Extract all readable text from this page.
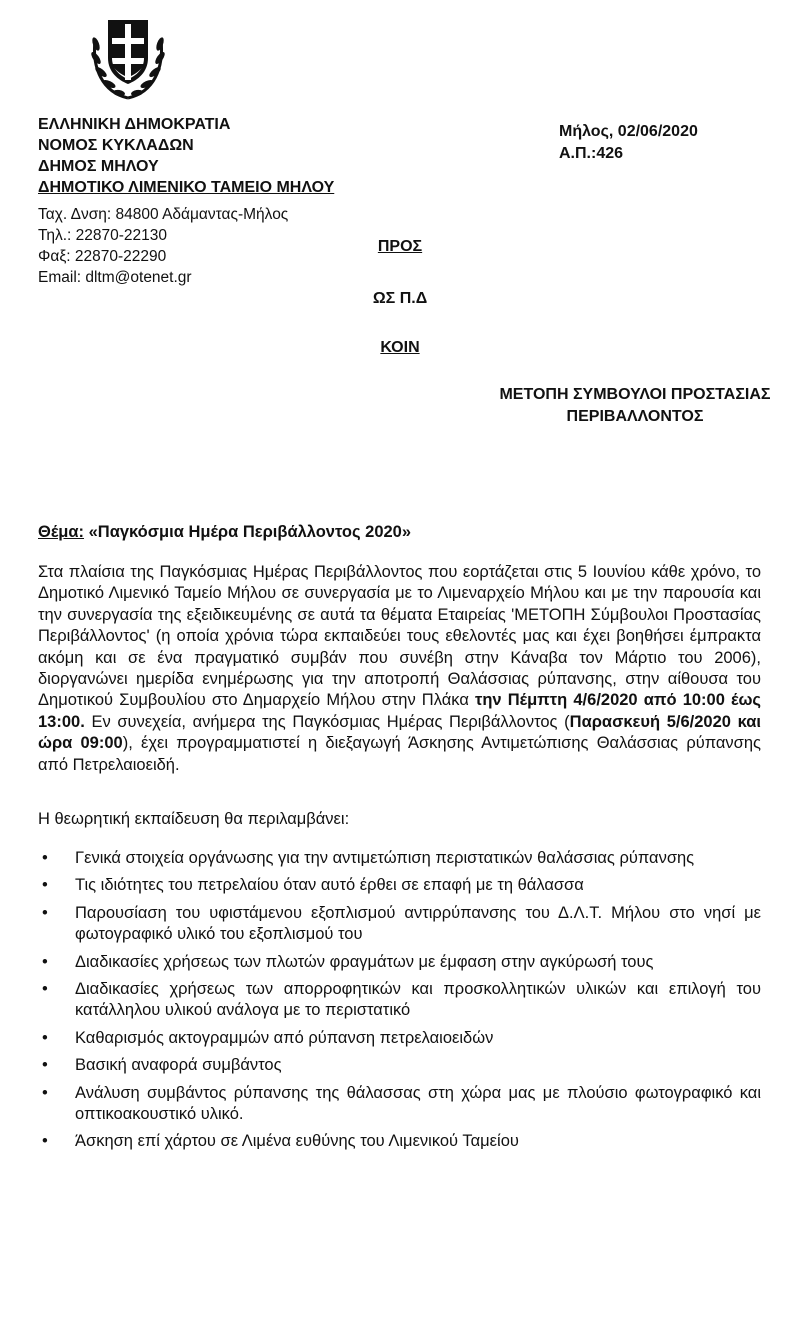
ΕΛΛΗΝΙΚΗ ΔΗΜΟΚΡΑΤΙΑ
ΝΟΜΟΣ ΚΥΚΛΑΔΩΝ
ΔΗΜΟΣ ΜΗΛΟΥ
ΔΗΜΟΤΙΚΟ ΛΙΜΕΝΙΚΟ ΤΑΜΕΙΟ ΜΗΛΟΥ
Ταχ. Δνση: 84800 Αδάμαντας-Μήλος
Τηλ.: 22870-22130
Φαξ: 22870-22290
Email: dltm@otenet.gr
Μήλος, 02/06/2020
Α.Π.:426
ΠΡΟΣ
ΩΣ Π.Δ
ΚΟΙΝ
ΜΕΤΟΠΗ ΣΥΜΒΟΥΛΟΙ ΠΡΟΣΤΑΣΙΑΣ
ΠΕΡΙΒΑΛΛΟΝΤΟΣ
Θέμα: «Παγκόσμια Ημέρα Περιβάλλοντος 2020»
Στα πλαίσια της Παγκόσμιας Ημέρας Περιβάλλοντος που εορτάζεται στις 5 Ιουνίου κάθε χρόνο, το Δημοτικό Λιμενικό Ταμείο Μήλου σε συνεργασία με το Λιμεναρχείο Μήλου και με την παρουσία και την συνεργασία της εξειδικευμένης σε αυτά τα θέματα Εταιρείας 'ΜΕΤΟΠΗ Σύμβουλοι Προστασίας Περιβάλλοντος' (η οποία χρόνια τώρα εκπαιδεύει τους εθελοντές μας και έχει βοηθήσει έμπρακτα ακόμη και σε ένα πραγματικό συμβάν που συνέβη στην Κάναβα τον Μάρτιο του 2006), διοργανώνει ημερίδα ενημέρωσης για την αποτροπή Θαλάσσιας ρύπανσης, στην αίθουσα του Δημοτικού Συμβουλίου στο Δημαρχείο Μήλου στην Πλάκα την Πέμπτη 4/6/2020 από 10:00 έως 13:00. Εν συνεχεία, ανήμερα της Παγκόσμιας Ημέρας Περιβάλλοντος (Παρασκευή 5/6/2020 και ώρα 09:00), έχει προγραμματιστεί η διεξαγωγή Άσκησης Αντιμετώπισης Θαλάσσιας ρύπανσης από Πετρελαιοειδή.
Η θεωρητική εκπαίδευση θα περιλαμβάνει:
• Γενικά στοιχεία οργάνωσης για την αντιμετώπιση περιστατικών θαλάσσιας ρύπανσης
• Τις ιδιότητες του πετρελαίου όταν αυτό έρθει σε επαφή με τη θάλασσα
• Παρουσίαση του υφιστάμενου εξοπλισμού αντιρρύπανσης του Δ.Λ.Τ. Μήλου στο νησί με φωτογραφικό υλικό του εξοπλισμού του
• Διαδικασίες χρήσεως των πλωτών φραγμάτων με έμφαση στην αγκύρωσή τους
• Διαδικασίες χρήσεως των απορροφητικών και προσκολλητικών υλικών και επιλογή του κατάλληλου υλικού ανάλογα με το περιστατικό
• Καθαρισμός ακτογραμμών από ρύπανση πετρελαιοειδών
• Βασική αναφορά συμβάντος
• Ανάλυση συμβάντος ρύπανσης της θάλασσας στη χώρα μας με πλούσιο φωτογραφικό και οπτικοακουστικό υλικό.
• Άσκηση επί χάρτου σε Λιμένα ευθύνης του Λιμενικού Ταμείου
